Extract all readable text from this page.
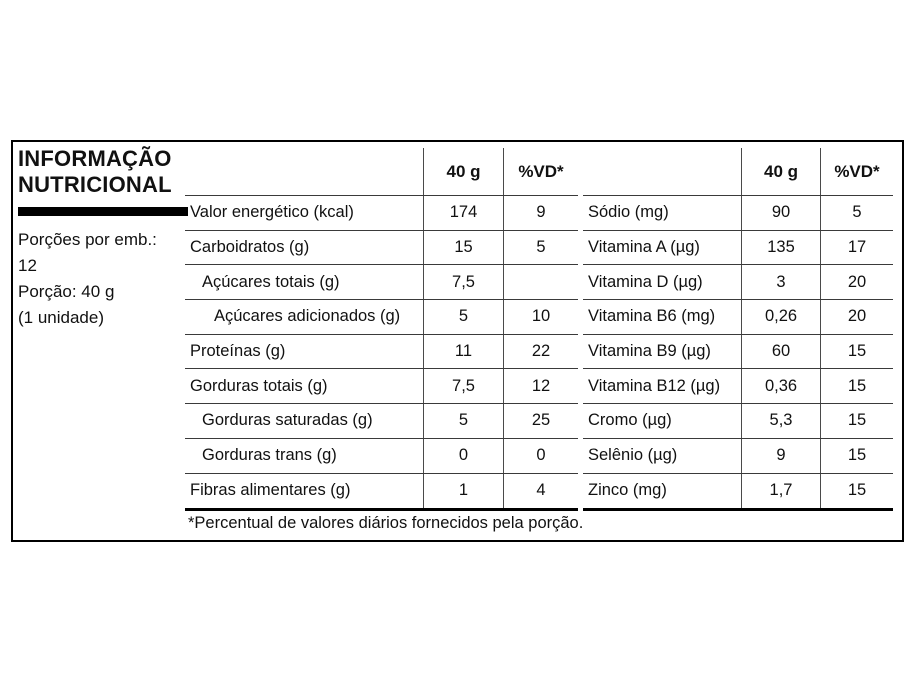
INFORMAÇÃO
NUTRICIONAL
Porções por emb.:
12
Porção: 40 g
(1 unidade)
40 g	%VD*
Valor energético (kcal)	174	9
Carboidratos (g)	15	5
Açúcares totais (g)	7,5
Açúcares adicionados (g)	5	10
Proteínas (g)	11	22
Gorduras totais (g)	7,5	12
Gorduras saturadas (g)	5	25
Gorduras trans (g)	0	0
Fibras alimentares (g)	1	4
40 g	%VD*
Sódio (mg)	90	5
Vitamina A (µg)	135	17
Vitamina D (µg)	3	20
Vitamina B6 (mg)	0,26	20
Vitamina B9 (µg)	60	15
Vitamina B12 (µg)	0,36	15
Cromo (µg)	5,3	15
Selênio (µg)	9	15
Zinco (mg)	1,7	15
*Percentual de valores diários fornecidos pela porção.
